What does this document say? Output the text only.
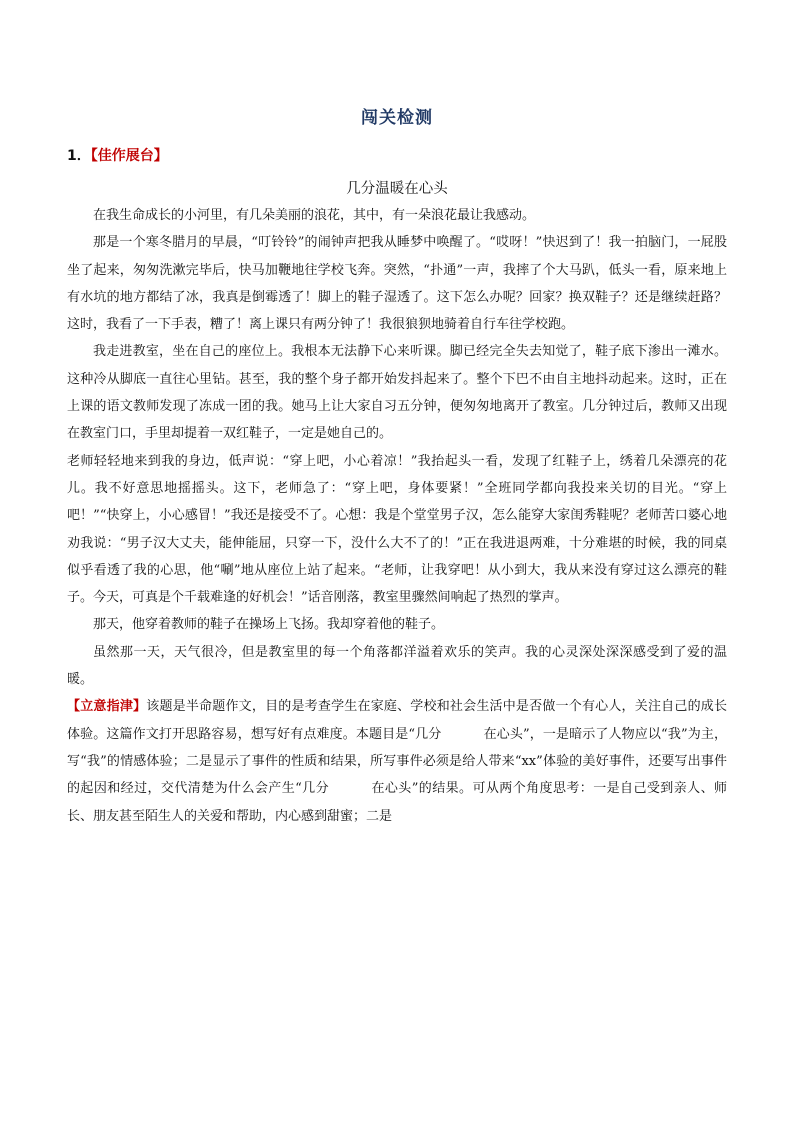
闯关检测
1．【佳作展台】
几分温暖在心头

在我生命成长的小河里，有几朵美丽的浪花，其中，有一朵浪花最让我感动。

那是一个寒冬腊月的早晨，“叮铃铃”的闹钟声把我从睡梦中唤醒了。“哎呀！”快迟到了！我一拍脑门，一屁股坐了起来，匆匆洗漱完毕后，快马加鞭地往学校飞奔。突然，“扑通”一声，我摔了个大马趴，低头一看，原来地上有水坑的地方都结了冰，我真是倒霉透了！脚上的鞋子湿透了。这下怎么办呢？回家？换双鞋子？还是继续赶路？这时，我看了一下手表，糟了！离上课只有两分钟了！我很狼狈地骑着自行车往学校跑。

我走进教室，坐在自己的座位上。我根本无法静下心来听课。脚已经完全失去知觉了，鞋子底下渗出一滩水。这种冷从脚底一直往心里钻。甚至，我的整个身子都开始发抖起来了。整个下巴不由自主地抖动起来。这时，正在上课的语文教师发现了冻成一团的我。她马上让大家自习五分钟，便匆匆地离开了教室。几分钟过后，教师又出现在教室门口，手里却提着一双红鞋子，一定是她自己的。

老师轻轻地来到我的身边，低声说：“穿上吧，小心着凉！”我抬起头一看，发现了红鞋子上，绣着几朵漂亮的花儿。我不好意思地摇摇头。这下，老师急了：“穿上吧，身体要紧！”全班同学都向我投来关切的目光。“穿上吧！”“快穿上，小心感冒！”我还是接受不了。心想：我是个堂堂男子汉，怎么能穿大家闺秀鞋呢？老师苦口婆心地劝我说：“男子汉大丈夫，能伸能屈，只穿一下，没什么大不了的！”正在我进退两难，十分难堪的时候，我的同桌似乎看透了我的心思，他“唰”地从座位上站了起来。“老师，让我穿吧！从小到大，我从来没有穿过这么漂亮的鞋子。今天，可真是个千载难逢的好机会！”话音刚落，教室里骤然间响起了热烈的掌声。

那天，他穿着教师的鞋子在操场上飞扬。我却穿着他的鞋子。

虽然那一天，天气很冷，但是教室里的每一个角落都洋溢着欢乐的笑声。我的心灵深处深深感受到了爱的温暖。

【立意指津】该题是半命题作文，目的是考查学生在家庭、学校和社会生活中是否做一个有心人，关注自己的成长体验。这篇作文打开思路容易，想写好有点难度。本题目是“几分	在心头”，一是暗示了人物应以“我”为主，写“我”的情感体验；二是显示了事件的性质和结果，所写事件必须是给人带来“xx”体验的美好事件，还要写出事件的起因和经过，交代清楚为什么会产生“几分	在心头”的结果。可从两个角度思考：一是自己受到亲人、师长、朋友甚至陌生人的关爱和帮助，内心感到甜蜜；二是
